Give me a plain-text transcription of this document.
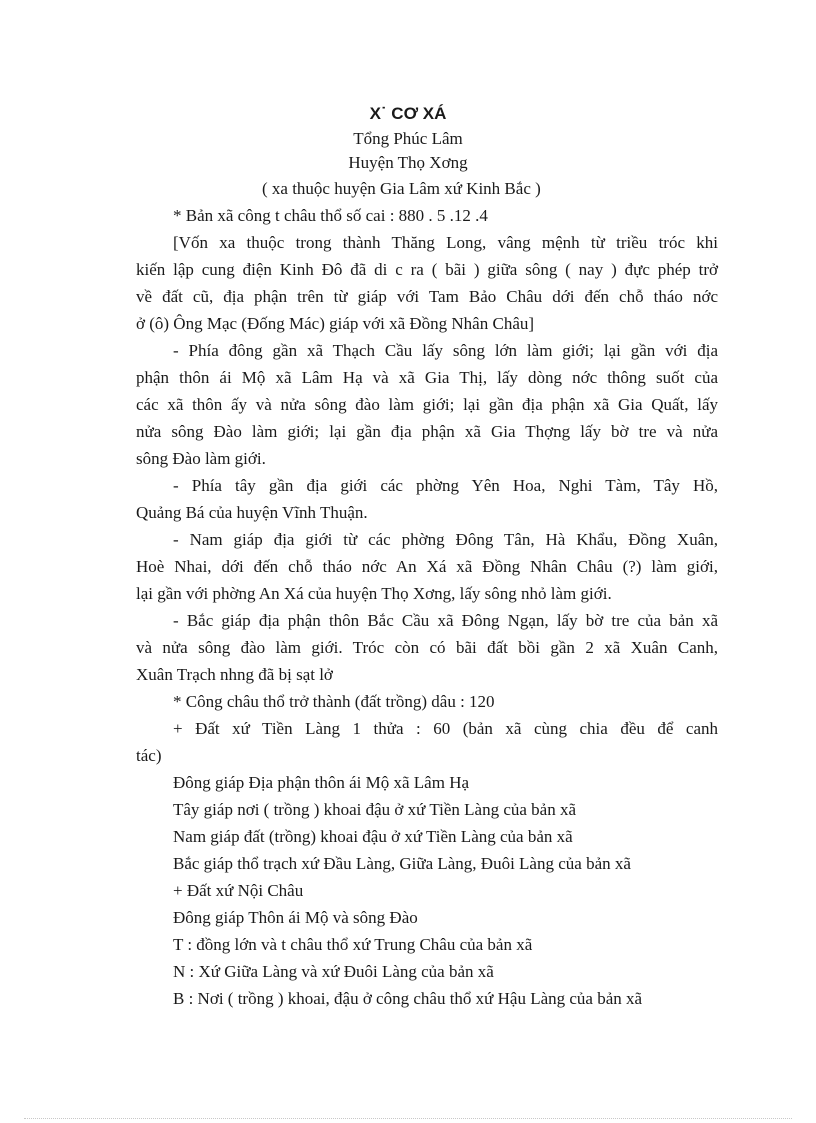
X˙ CƠ XÁ
Tổng Phúc Lâm
Huyện Thọ Xơng
( xa thuộc huyện Gia Lâm xứ Kinh Bắc )
* Bản xã công t châu thổ số cai : 880 . 5 .12 .4
[Vốn xa thuộc trong thành Thăng Long, vâng mệnh từ triều tróc khi
kiến lập cung điện Kinh Đô đã di c ra ( bãi ) giữa sông ( nay ) đực phép trở
về đất cũ, địa phận trên từ giáp với Tam Bảo Châu dới đến chỗ tháo nớc
ở (ô) Ông Mạc (Đống Mác) giáp với xã Đồng Nhân Châu]
- Phía đông gần xã Thạch Cầu lấy sông lớn làm giới; lại gần với địa
phận thôn ái Mộ xã Lâm Hạ và xã Gia Thị, lấy dòng nớc thông suốt của
các xã thôn ấy và nửa sông đào làm giới; lại gần địa phận xã Gia Quất, lấy
nửa sông Đào làm giới; lại gần địa phận xã Gia Thợng lấy bờ tre và nửa
sông Đào làm giới.
- Phía tây gần địa giới các phờng Yên Hoa, Nghi Tàm, Tây Hồ,
Quảng Bá của huyện Vĩnh Thuận.
- Nam giáp địa giới từ các phờng Đông Tân, Hà Khẩu, Đồng Xuân,
Hoè Nhai, dới đến chỗ tháo nớc An Xá xã Đồng Nhân Châu (?) làm giới,
lại gần với phờng An Xá của huyện Thọ Xơng, lấy sông nhỏ làm giới.
- Bắc giáp địa phận thôn Bắc Cầu xã Đông Ngạn, lấy bờ tre của bản xã
và nửa sông đào làm giới. Tróc còn có bãi đất bồi gần 2 xã Xuân Canh,
Xuân Trạch nhng đã bị sạt lở
* Công châu thổ trở thành (đất trồng) dâu : 120
+ Đất xứ Tiền Làng 1 thửa : 60 (bản xã cùng chia đều để canh
tác)
Đông giáp Địa phận thôn ái Mộ xã Lâm Hạ
Tây giáp nơi ( trồng ) khoai đậu ở xứ Tiền Làng của bản xã
Nam giáp đất (trồng) khoai đậu ở xứ Tiền Làng của bản xã
Bắc giáp thổ trạch xứ Đầu Làng, Giữa Làng, Đuôi Làng của bản xã
+ Đất xứ Nội Châu
Đông giáp Thôn ái Mộ và sông Đào
T : đồng lớn và t châu thổ xứ Trung Châu của bản xã
N : Xứ Giữa Làng và xứ Đuôi Làng của bản xã
B : Nơi ( trồng ) khoai, đậu ở công châu thổ xứ Hậu Làng của bản xã
